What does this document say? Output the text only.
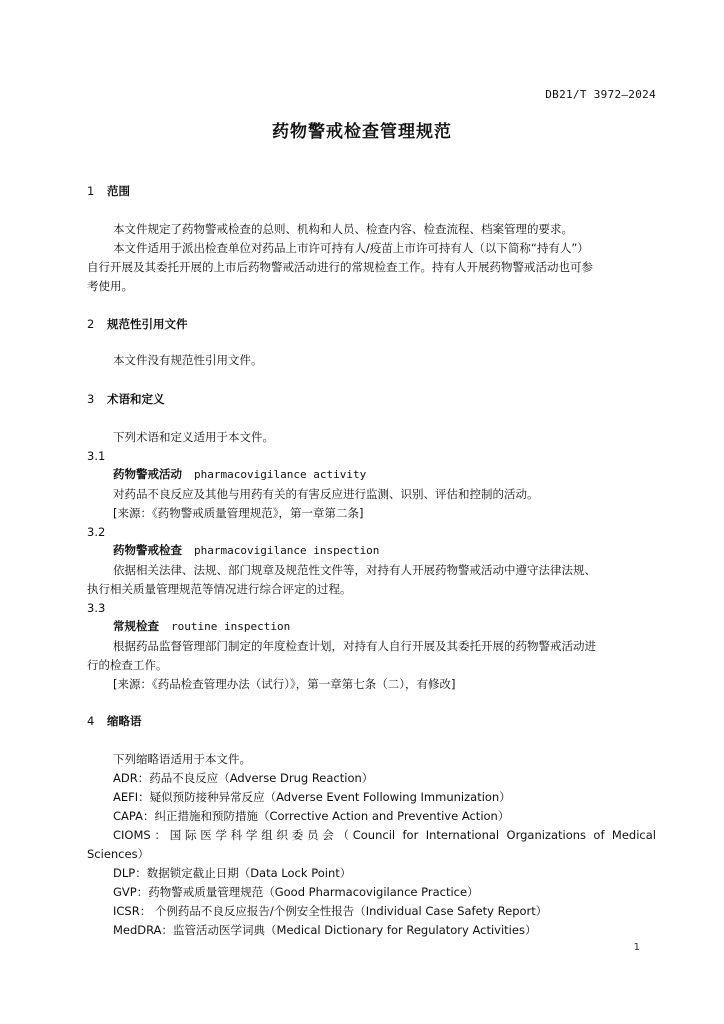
DB21/T 3972—2024
药物警戒检查管理规范
1 范围
本文件规定了药物警戒检查的总则、机构和人员、检查内容、检查流程、档案管理的要求。
本文件适用于派出检查单位对药品上市许可持有人/疫苗上市许可持有人（以下简称“持有人”）
自行开展及其委托开展的上市后药物警戒活动进行的常规检查工作。持有人开展药物警戒活动也可参
考使用。
2 规范性引用文件
本文件没有规范性引用文件。
3 术语和定义
下列术语和定义适用于本文件。
3.1
药物警戒活动 pharmacovigilance activity
对药品不良反应及其他与用药有关的有害反应进行监测、识别、评估和控制的活动。
[来源：《药物警戒质量管理规范》，第一章第二条]
3.2
药物警戒检查 pharmacovigilance inspection
依据相关法律、法规、部门规章及规范性文件等，对持有人开展药物警戒活动中遵守法律法规、
执行相关质量管理规范等情况进行综合评定的过程。
3.3
常规检查 routine inspection
根据药品监督管理部门制定的年度检查计划，对持有人自行开展及其委托开展的药物警戒活动进
行的检查工作。
[来源：《药品检查管理办法（试行）》，第一章第七条（二），有修改]
4 缩略语
下列缩略语适用于本文件。
ADR：药品不良反应（Adverse Drug Reaction）
AEFI：疑似预防接种异常反应（Adverse Event Following Immunization）
CAPA：纠正措施和预防措施（Corrective Action and Preventive Action）
CIOMS：国际医学科学组织委员会（Council for International Organizations of Medical
Sciences）
DLP：数据锁定截止日期（Data Lock Point）
GVP：药物警戒质量管理规范（Good Pharmacovigilance Practice）
ICSR： 个例药品不良反应报告/个例安全性报告（Individual Case Safety Report）
MedDRA：监管活动医学词典（Medical Dictionary for Regulatory Activities）
1
